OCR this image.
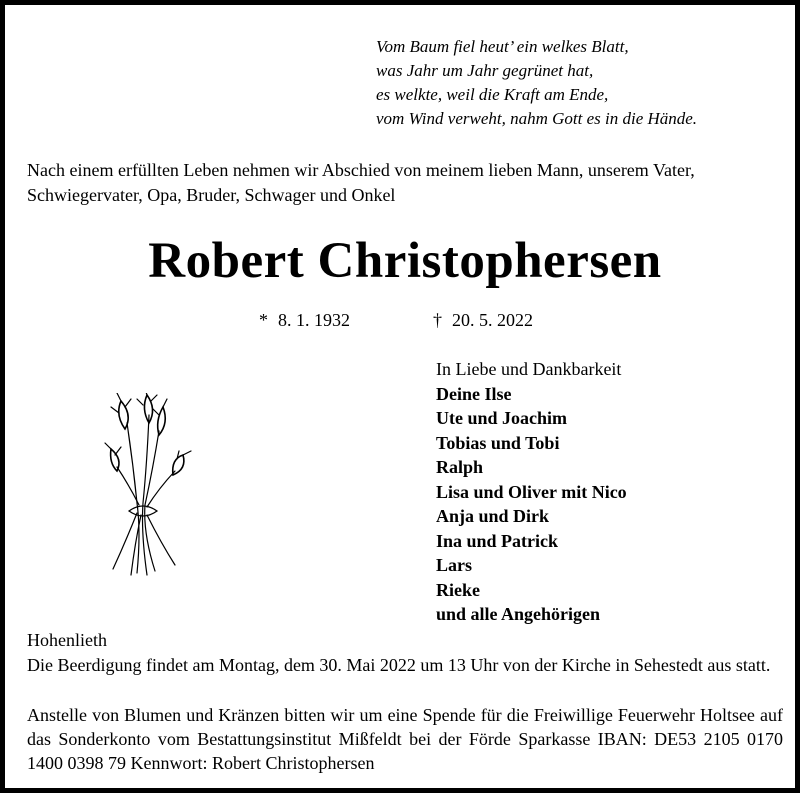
Vom Baum fiel heut’ ein welkes Blatt,
was Jahr um Jahr gegrünet hat,
es welkte, weil die Kraft am Ende,
vom Wind verweht, nahm Gott es in die Hände.
Nach einem erfüllten Leben nehmen wir Abschied von meinem lieben Mann, unserem Vater, Schwiegervater, Opa, Bruder, Schwager und Onkel
Robert Christophersen
* 8. 1. 1932	† 20. 5. 2022
In Liebe und Dankbarkeit
Deine Ilse
Ute und Joachim
Tobias und Tobi
Ralph
Lisa und Oliver mit Nico
Anja und Dirk
Ina und Patrick
Lars
Rieke
und alle Angehörigen
Hohenlieth
Die Beerdigung findet am Montag, dem 30. Mai 2022 um 13 Uhr von der Kirche in Sehestedt aus statt.
Anstelle von Blumen und Kränzen bitten wir um eine Spende für die Freiwillige Feuerwehr Holtsee auf das Sonderkonto vom Bestattungsinstitut Mißfeldt bei der Förde Sparkasse IBAN: DE53 2105 0170 1400 0398 79 Kennwort: Robert Christophersen
